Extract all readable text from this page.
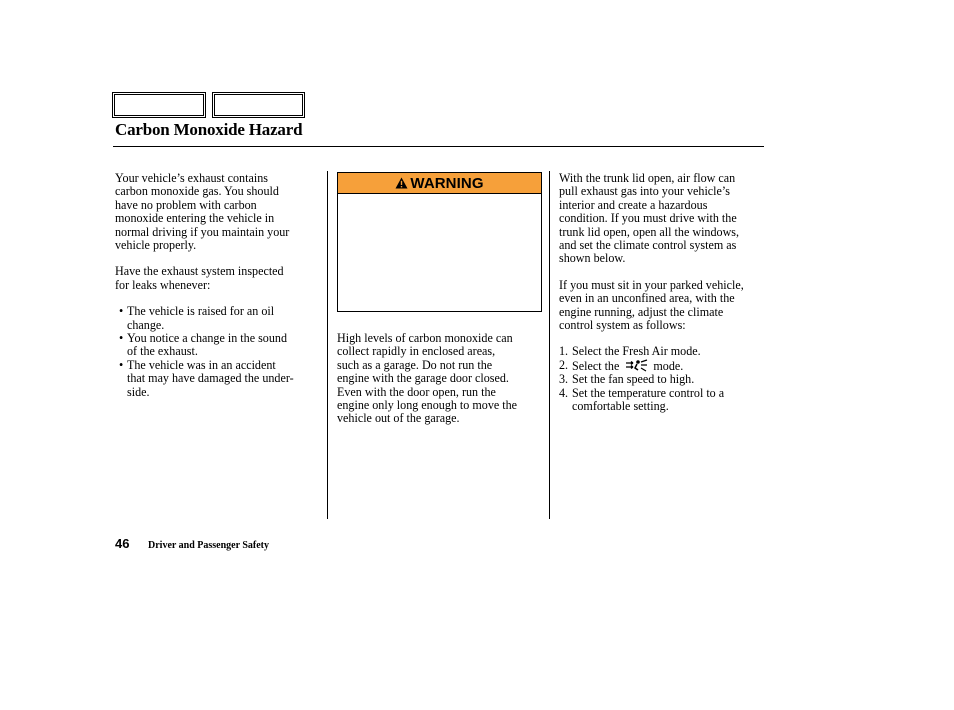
Carbon Monoxide Hazard

Your vehicle’s exhaust contains
carbon monoxide gas. You should
have no problem with carbon
monoxide entering the vehicle in
normal driving if you maintain your
vehicle properly.

Have the exhaust system inspected
for leaks whenever:

• The vehicle is raised for an oil
change.
• You notice a change in the sound
of the exhaust.
• The vehicle was in an accident
that may have damaged the under-
side.
WARNING

High levels of carbon monoxide can
collect rapidly in enclosed areas,
such as a garage. Do not run the
engine with the garage door closed.
Even with the door open, run the
engine only long enough to move the
vehicle out of the garage.

With the trunk lid open, air flow can
pull exhaust gas into your vehicle’s
interior and create a hazardous
condition. If you must drive with the
trunk lid open, open all the windows,
and set the climate control system as
shown below.

If you must sit in your parked vehicle,
even in an unconfined area, with the
engine running, adjust the climate
control system as follows:

1. Select the Fresh Air mode.
2. Select the	mode.
3. Set the fan speed to high.
4. Set the temperature control to a
comfortable setting.
46 Driver and Passenger Safety
